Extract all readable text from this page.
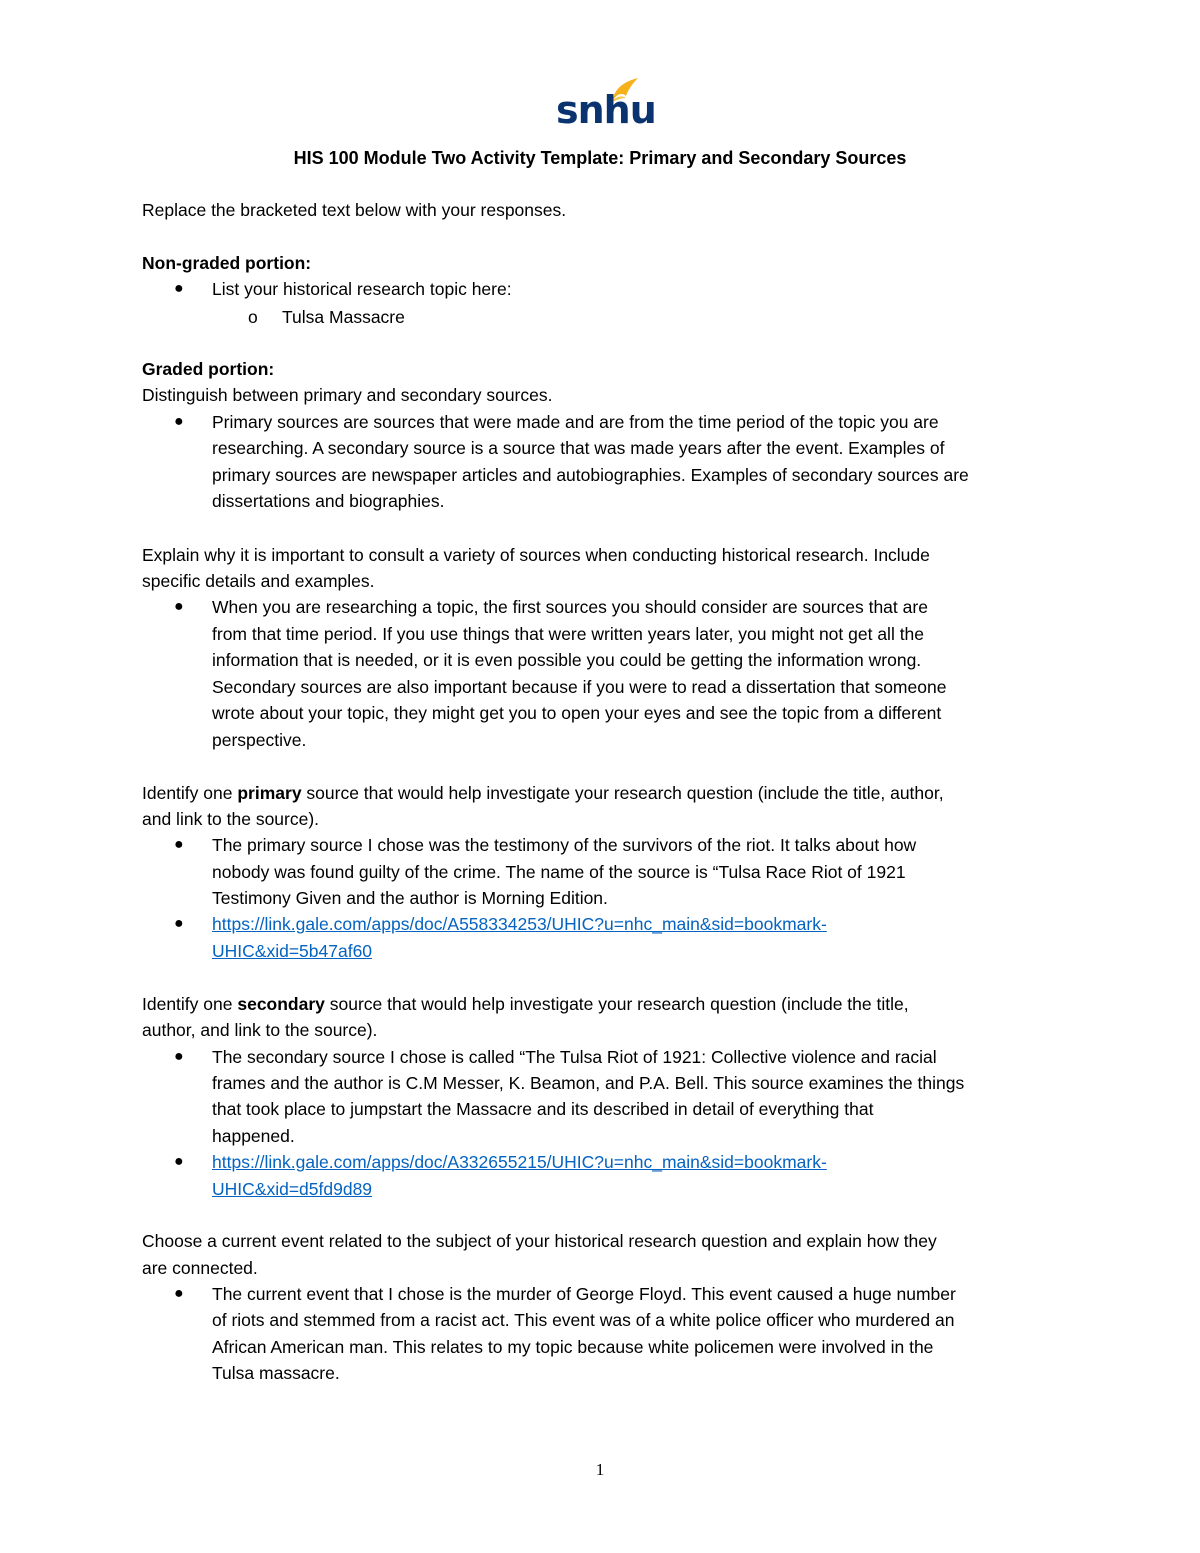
snhu
HIS 100 Module Two Activity Template: Primary and Secondary Sources
Replace the bracketed text below with your responses.
Non-graded portion:
● List your historical research topic here:
o Tulsa Massacre
Graded portion:
Distinguish between primary and secondary sources.
● Primary sources are sources that were made and are from the time period of the topic you are
researching. A secondary source is a source that was made years after the event. Examples of
primary sources are newspaper articles and autobiographies. Examples of secondary sources are
dissertations and biographies.
Explain why it is important to consult a variety of sources when conducting historical research. Include
specific details and examples.
● When you are researching a topic, the first sources you should consider are sources that are
from that time period. If you use things that were written years later, you might not get all the
information that is needed, or it is even possible you could be getting the information wrong.
Secondary sources are also important because if you were to read a dissertation that someone
wrote about your topic, they might get you to open your eyes and see the topic from a different
perspective.
Identify one primary source that would help investigate your research question (include the title, author,
and link to the source).
● The primary source I chose was the testimony of the survivors of the riot. It talks about how
nobody was found guilty of the crime. The name of the source is “Tulsa Race Riot of 1921
Testimony Given and the author is Morning Edition.
● https://link.gale.com/apps/doc/A558334253/UHIC?u=nhc_main&sid=bookmark-
UHIC&xid=5b47af60
Identify one secondary source that would help investigate your research question (include the title,
author, and link to the source).
● The secondary source I chose is called “The Tulsa Riot of 1921: Collective violence and racial
frames and the author is C.M Messer, K. Beamon, and P.A. Bell. This source examines the things
that took place to jumpstart the Massacre and its described in detail of everything that
happened.
● https://link.gale.com/apps/doc/A332655215/UHIC?u=nhc_main&sid=bookmark-
UHIC&xid=d5fd9d89
Choose a current event related to the subject of your historical research question and explain how they
are connected.
● The current event that I chose is the murder of George Floyd. This event caused a huge number
of riots and stemmed from a racist act. This event was of a white police officer who murdered an
African American man. This relates to my topic because white policemen were involved in the
Tulsa massacre.
1
